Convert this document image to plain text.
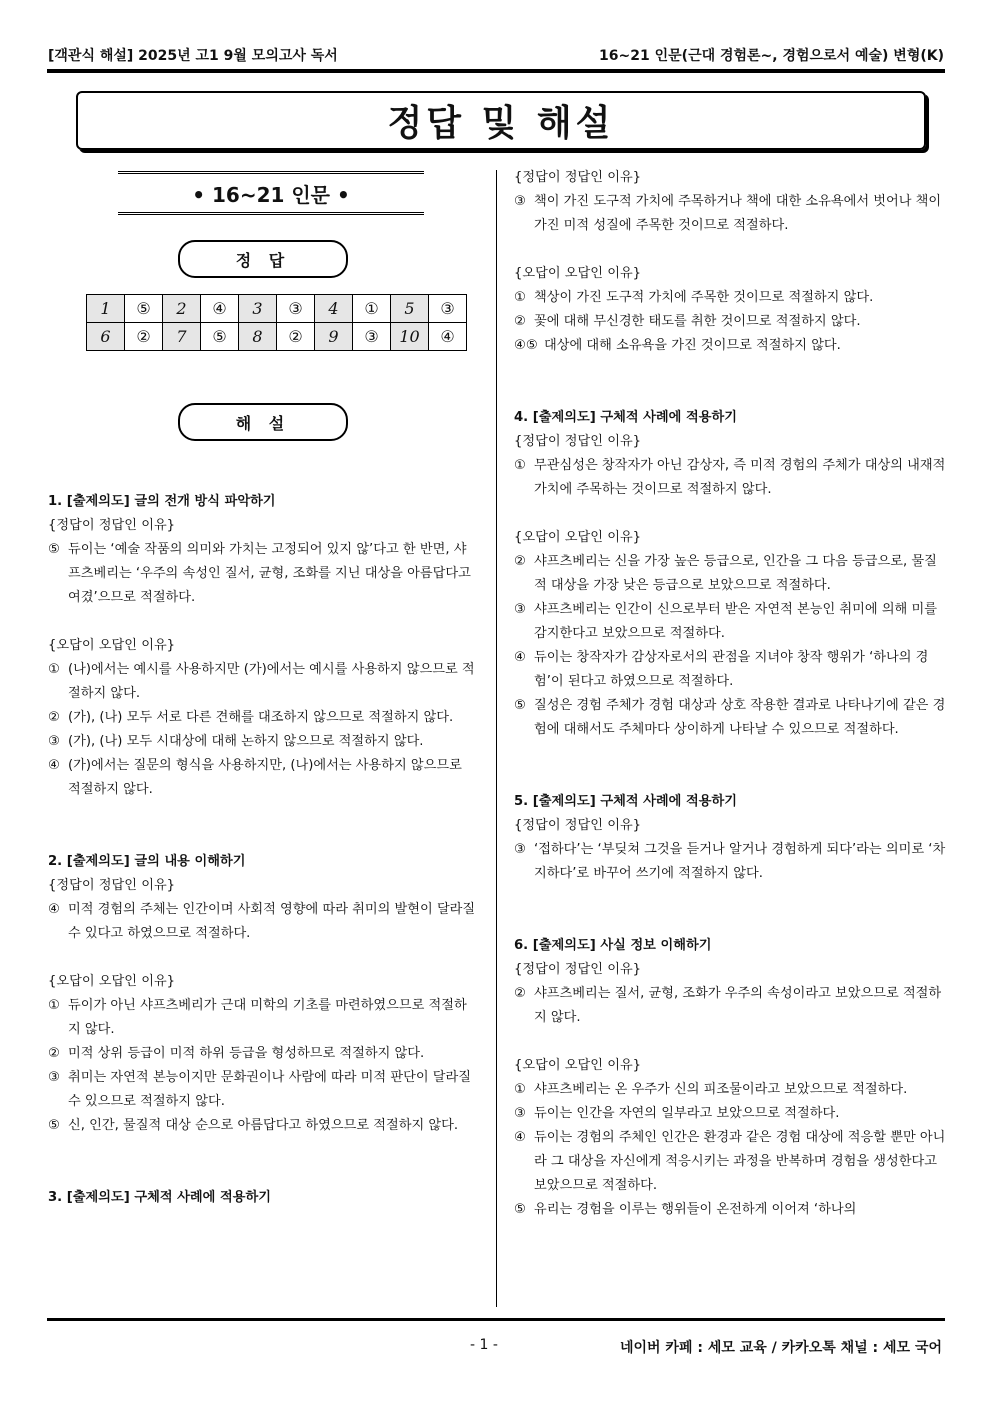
[객관식 해설] 2025년 고1 9월 모의고사 독서	16~21 인문(근대 경험론~, 경험으로서 예술) 변형(K)
정답 및 해설
• 16~21 인문 •
정 답
1	⑤	2	④	3	③	4	①	5	③
6	②	7	⑤	8	②	9	③	10	④
해 설

1. [출제의도] 글의 전개 방식 파악하기

{정답이 정답인 이유}

⑤ 듀이는 ‘예술 작품의 의미와 가치는 고정되어 있지 않’다고 한 반면, 샤프츠베리는 ‘우주의 속성인 질서, 균형, 조화를 지닌 대상을 아름답다고 여겼’으므로 적절하다.

{오답이 오답인 이유}

① (나)에서는 예시를 사용하지만 (가)에서는 예시를 사용하지 않으므로 적절하지 않다.
② (가), (나) 모두 서로 다른 견해를 대조하지 않으므로 적절하지 않다.
③ (가), (나) 모두 시대상에 대해 논하지 않으므로 적절하지 않다.
④ (가)에서는 질문의 형식을 사용하지만, (나)에서는 사용하지 않으므로 적절하지 않다.

2. [출제의도] 글의 내용 이해하기

{정답이 정답인 이유}

④ 미적 경험의 주체는 인간이며 사회적 영향에 따라 취미의 발현이 달라질 수 있다고 하였으므로 적절하다.

{오답이 오답인 이유}

① 듀이가 아닌 샤프츠베리가 근대 미학의 기초를 마련하였으므로 적절하지 않다.
② 미적 상위 등급이 미적 하위 등급을 형성하므로 적절하지 않다.
③ 취미는 자연적 본능이지만 문화권이나 사람에 따라 미적 판단이 달라질 수 있으므로 적절하지 않다.
⑤ 신, 인간, 물질적 대상 순으로 아름답다고 하였으므로 적절하지 않다.

3. [출제의도] 구체적 사례에 적용하기

{정답이 정답인 이유}

③ 책이 가진 도구적 가치에 주목하거나 책에 대한 소유욕에서 벗어나 책이 가진 미적 성질에 주목한 것이므로 적절하다.

{오답이 오답인 이유}

① 책상이 가진 도구적 가치에 주목한 것이므로 적절하지 않다.
② 꽃에 대해 무신경한 태도를 취한 것이므로 적절하지 않다.
④⑤ 대상에 대해 소유욕을 가진 것이므로 적절하지 않다.

4. [출제의도] 구체적 사례에 적용하기

{정답이 정답인 이유}

① 무관심성은 창작자가 아닌 감상자, 즉 미적 경험의 주체가 대상의 내재적 가치에 주목하는 것이므로 적절하지 않다.

{오답이 오답인 이유}

② 샤프츠베리는 신을 가장 높은 등급으로, 인간을 그 다음 등급으로, 물질적 대상을 가장 낮은 등급으로 보았으므로 적절하다.
③ 샤프츠베리는 인간이 신으로부터 받은 자연적 본능인 취미에 의해 미를 감지한다고 보았으므로 적절하다.
④ 듀이는 창작자가 감상자로서의 관점을 지녀야 창작 행위가 ‘하나의 경험’이 된다고 하였으므로 적절하다.
⑤ 질성은 경험 주체가 경험 대상과 상호 작용한 결과로 나타나기에 같은 경험에 대해서도 주체마다 상이하게 나타날 수 있으므로 적절하다.

5. [출제의도] 구체적 사례에 적용하기

{정답이 정답인 이유}

③ ‘접하다’는 ‘부딪쳐 그것을 듣거나 알거나 경험하게 되다’라는 의미로 ‘차지하다’로 바꾸어 쓰기에 적절하지 않다.

6. [출제의도] 사실 정보 이해하기

{정답이 정답인 이유}

② 샤프츠베리는 질서, 균형, 조화가 우주의 속성이라고 보았으므로 적절하지 않다.

{오답이 오답인 이유}

① 샤프츠베리는 온 우주가 신의 피조물이라고 보았으므로 적절하다.
③ 듀이는 인간을 자연의 일부라고 보았으므로 적절하다.
④ 듀이는 경험의 주체인 인간은 환경과 같은 경험 대상에 적응할 뿐만 아니라 그 대상을 자신에게 적응시키는 과정을 반복하며 경험을 생성한다고 보았으므로 적절하다.
⑤ 유리는 경험을 이루는 행위들이 온전하게 이어져 ‘하나의
- 1 -	네이버 카페 : 세모 교육 / 카카오톡 채널 : 세모 국어
